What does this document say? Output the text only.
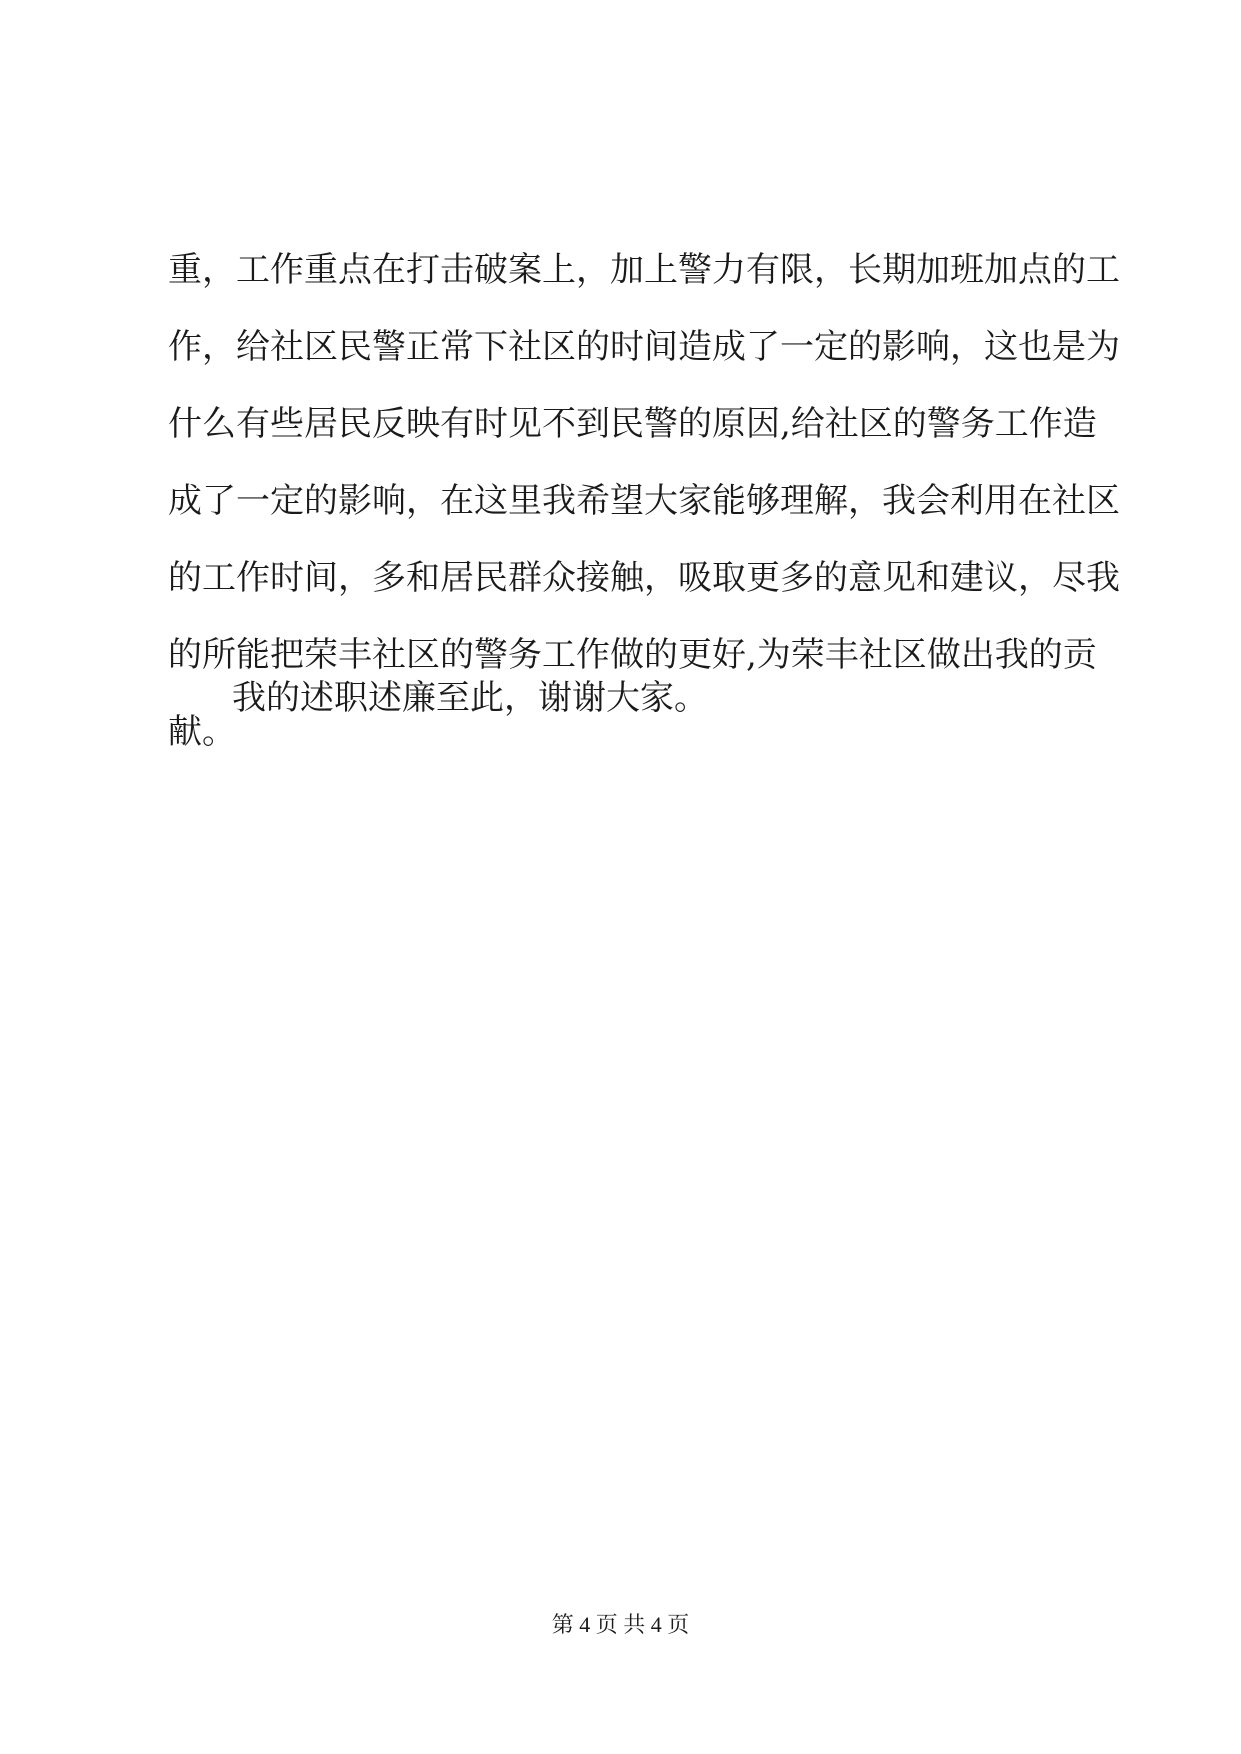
重，工作重点在打击破案上，加上警力有限，长期加班加点的工
作，给社区民警正常下社区的时间造成了一定的影响，这也是为
什么有些居民反映有时见不到民警的原因,给社区的警务工作造
成了一定的影响，在这里我希望大家能够理解，我会利用在社区
的工作时间，多和居民群众接触，吸取更多的意见和建议，尽我
的所能把荣丰社区的警务工作做的更好,为荣丰社区做出我的贡
献。
我的述职述廉至此，谢谢大家。
第 4 页 共 4 页
